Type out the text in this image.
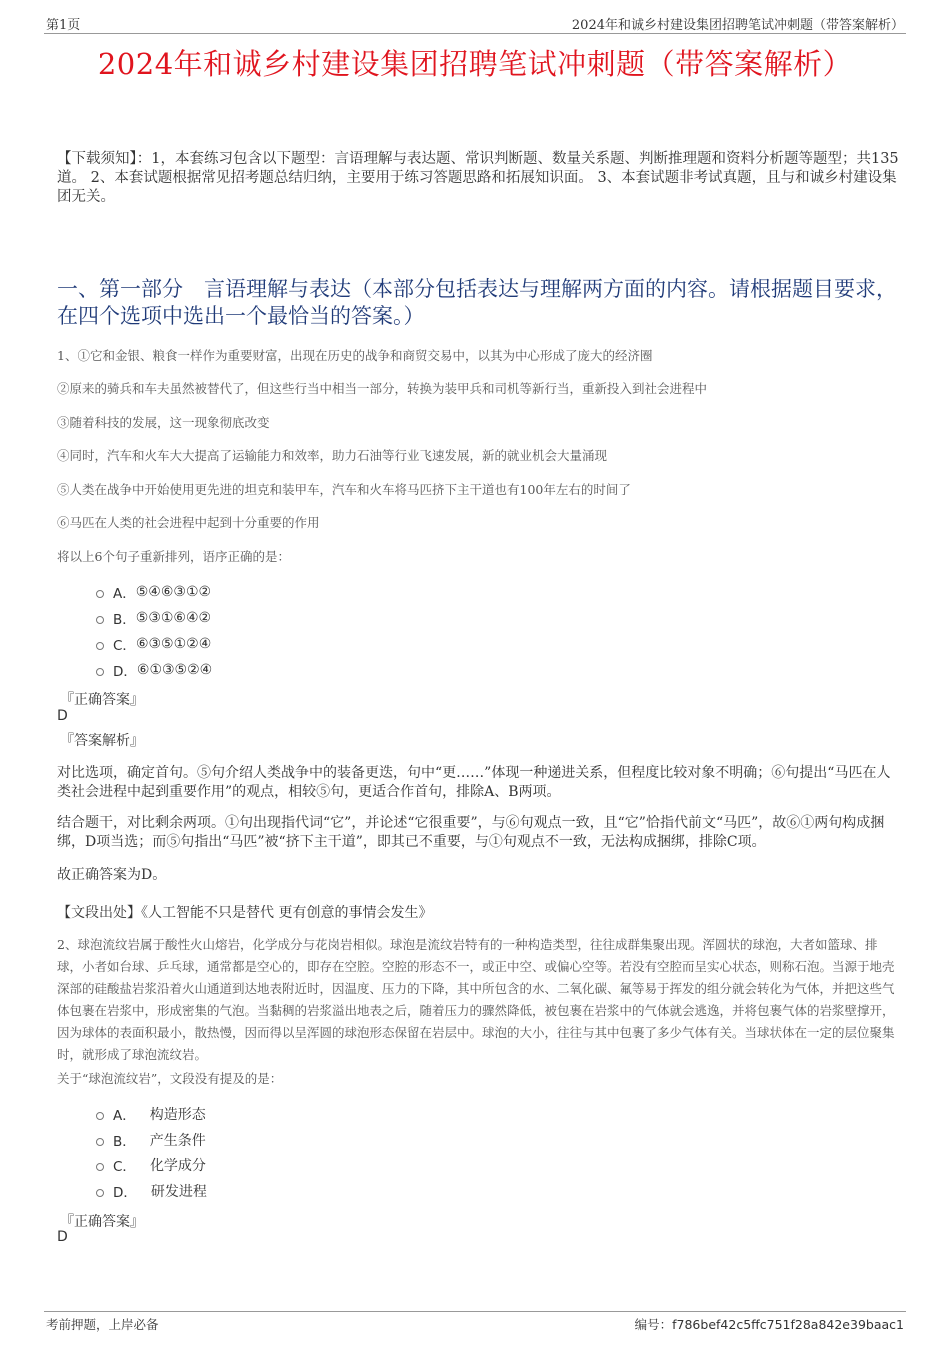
第1页	2024年和诚乡村建设集团招聘笔试冲刺题（带答案解析）
2024年和诚乡村建设集团招聘笔试冲刺题（带答案解析）
【下载须知】：1，本套练习包含以下题型：言语理解与表达题、常识判断题、数量关系题、判断推理题和资料分析题等题型；共135道。 2、本套试题根据常见招考题总结归纳，主要用于练习答题思路和拓展知识面。 3、本套试题非考试真题，且与和诚乡村建设集团无关。
一、第一部分　言语理解与表达（本部分包括表达与理解两方面的内容。请根据题目要求，在四个选项中选出一个最恰当的答案。）
1、①它和金银、粮食一样作为重要财富，出现在历史的战争和商贸交易中，以其为中心形成了庞大的经济圈
②原来的骑兵和车夫虽然被替代了，但这些行当中相当一部分，转换为装甲兵和司机等新行当，重新投入到社会进程中
③随着科技的发展，这一现象彻底改变
④同时，汽车和火车大大提高了运输能力和效率，助力石油等行业飞速发展，新的就业机会大量涌现
⑤人类在战争中开始使用更先进的坦克和装甲车，汽车和火车将马匹挤下主干道也有100年左右的时间了
⑥马匹在人类的社会进程中起到十分重要的作用
将以上6个句子重新排列，语序正确的是：
A． ⑤④⑥③①②
B． ⑤③①⑥④②
C． ⑥③⑤①②④
D． ⑥①③⑤②④
『正确答案』
D
『答案解析』
对比选项，确定首句。⑤句介绍人类战争中的装备更迭，句中“更……”体现一种递进关系，但程度比较对象不明确；⑥句提出“马匹在人类社会进程中起到重要作用”的观点，相较⑤句，更适合作首句，排除A、B两项。
结合题干，对比剩余两项。①句出现指代词“它”，并论述“它很重要”，与⑥句观点一致，且“它”恰指代前文“马匹”，故⑥①两句构成捆绑，D项当选；而⑤句指出“马匹”被“挤下主干道”，即其已不重要，与①句观点不一致，无法构成捆绑，排除C项。
故正确答案为D。
【文段出处】《人工智能不只是替代 更有创意的事情会发生》
2、球泡流纹岩属于酸性火山熔岩，化学成分与花岗岩相似。球泡是流纹岩特有的一种构造类型，往往成群集聚出现。浑圆状的球泡，大者如篮球、排球，小者如台球、乒乓球，通常都是空心的，即存在空腔。空腔的形态不一，或正中空、或偏心空等。若没有空腔而呈实心状态，则称石泡。当源于地壳深部的硅酸盐岩浆沿着火山通道到达地表附近时，因温度、压力的下降，其中所包含的水、二氧化碳、氟等易于挥发的组分就会转化为气体，并把这些气体包裹在岩浆中，形成密集的气泡。当黏稠的岩浆溢出地表之后，随着压力的骤然降低，被包裹在岩浆中的气体就会逃逸，并将包裹气体的岩浆壁撑开，因为球体的表面积最小，散热慢，因而得以呈浑圆的球泡形态保留在岩层中。球泡的大小，往往与其中包裹了多少气体有关。当球状体在一定的层位聚集时，就形成了球泡流纹岩。
关于“球泡流纹岩”，文段没有提及的是：
A． 构造形态
B． 产生条件
C． 化学成分
D． 研发进程
『正确答案』
D
考前押题，上岸必备	编号：f786bef42c5ffc751f28a842e39baac1
